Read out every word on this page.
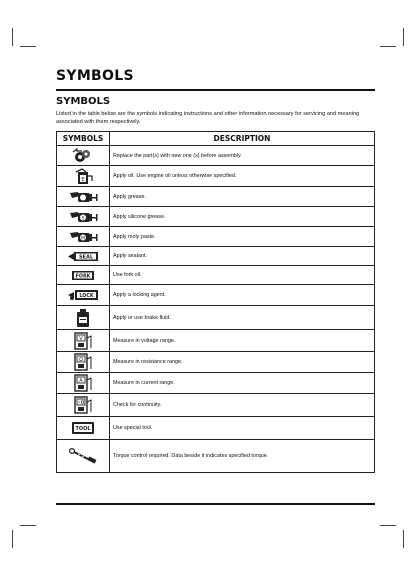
SYMBOLS
SYMBOLS
Listed in the table below are the symbols indicating instructions and other information necessary for servicing and meaning associated with them respectively.
SYMBOLS	DESCRIPTION

	Replace the part(s) with new one (s) before assembly.

E	Apply oil. Use engine oil unless otherwise specified.

	Apply grease.

S	Apply silicone grease.

M	Apply moly paste.

SEAL	Apply sealant.

FORK	Use fork oil.

LOCK	Apply a locking agent.

	Apply or use brake fluid.

V	Measure in voltage range.

Ω	Measure in resistance range.

A	Measure in current range.

	Check for continuity.

TOOL	Use special tool.

	Torque control required. Data beside it indicates specified torque.
